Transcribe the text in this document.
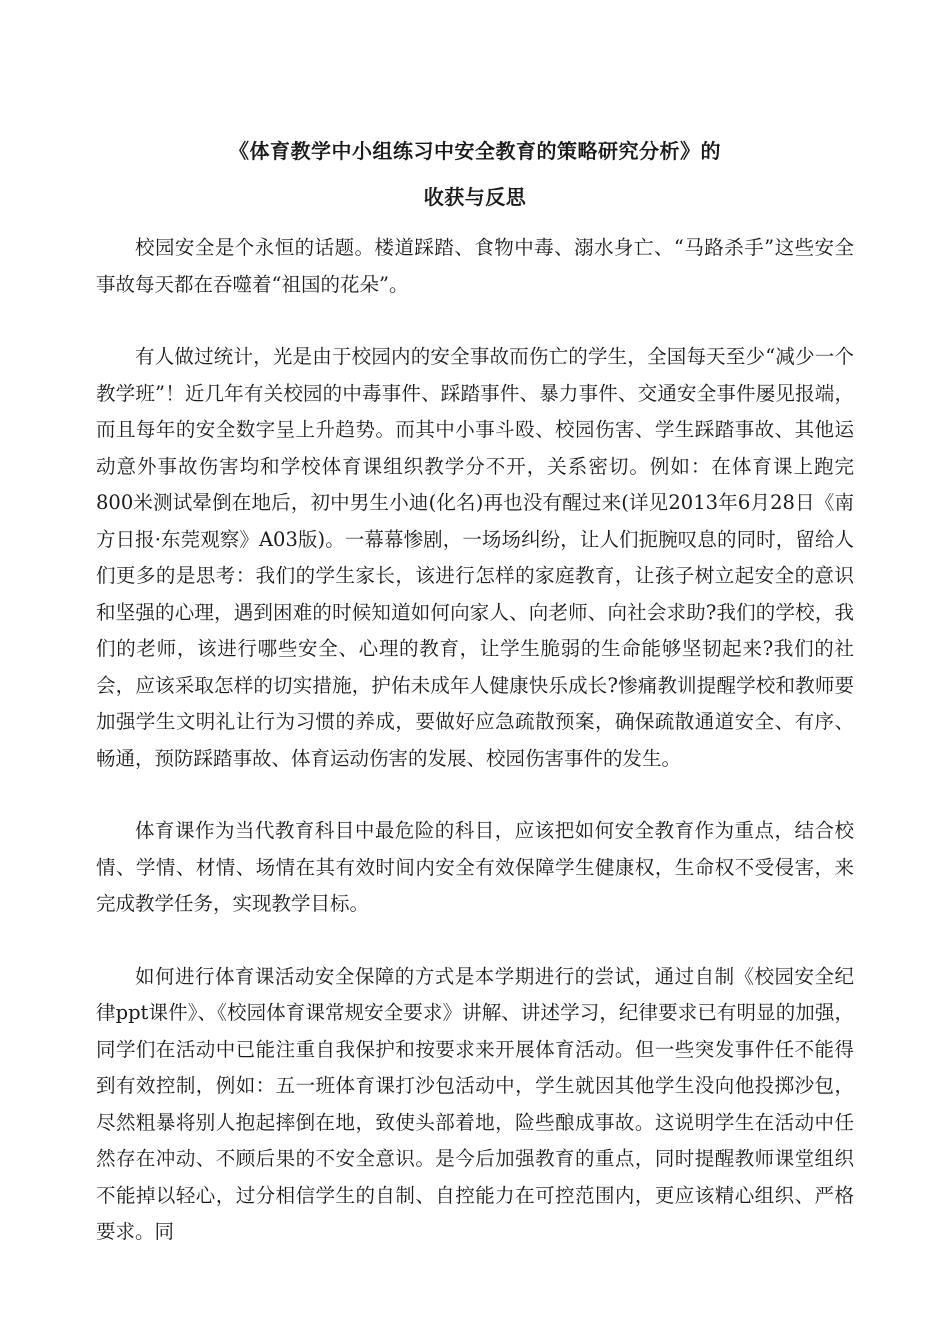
《体育教学中小组练习中安全教育的策略研究分析》的
收获与反思

校园安全是个永恒的话题。楼道踩踏、食物中毒、溺水身亡、“马路杀手”这些安全事故每天都在吞噬着“祖国的花朵”。

有人做过统计，光是由于校园内的安全事故而伤亡的学生，全国每天至少“减少一个教学班”！近几年有关校园的中毒事件、踩踏事件、暴力事件、交通安全事件屡见报端，而且每年的安全数字呈上升趋势。而其中小事斗殴、校园伤害、学生踩踏事故、其他运动意外事故伤害均和学校体育课组织教学分不开，关系密切。例如：在体育课上跑完800米测试晕倒在地后，初中男生小迪(化名)再也没有醒过来(详见2013年6月28日《南方日报·东莞观察》A03版)。一幕幕惨剧，一场场纠纷，让人们扼腕叹息的同时，留给人们更多的是思考：我们的学生家长，该进行怎样的家庭教育，让孩子树立起安全的意识和坚强的心理，遇到困难的时候知道如何向家人、向老师、向社会求助?我们的学校，我们的老师，该进行哪些安全、心理的教育，让学生脆弱的生命能够坚韧起来?我们的社会，应该采取怎样的切实措施，护佑未成年人健康快乐成长?惨痛教训提醒学校和教师要加强学生文明礼让行为习惯的养成，要做好应急疏散预案，确保疏散通道安全、有序、畅通，预防踩踏事故、体育运动伤害的发展、校园伤害事件的发生。

体育课作为当代教育科目中最危险的科目，应该把如何安全教育作为重点，结合校情、学情、材情、场情在其有效时间内安全有效保障学生健康权，生命权不受侵害，来完成教学任务，实现教学目标。

如何进行体育课活动安全保障的方式是本学期进行的尝试，通过自制《校园安全纪律ppt课件》、《校园体育课常规安全要求》讲解、讲述学习，纪律要求已有明显的加强，同学们在活动中已能注重自我保护和按要求来开展体育活动。但一些突发事件任不能得到有效控制，例如：五一班体育课打沙包活动中，学生就因其他学生没向他投掷沙包，尽然粗暴将别人抱起摔倒在地，致使头部着地，险些酿成事故。这说明学生在活动中任然存在冲动、不顾后果的不安全意识。是今后加强教育的重点，同时提醒教师课堂组织不能掉以轻心，过分相信学生的自制、自控能力在可控范围内，更应该精心组织、严格要求。同
